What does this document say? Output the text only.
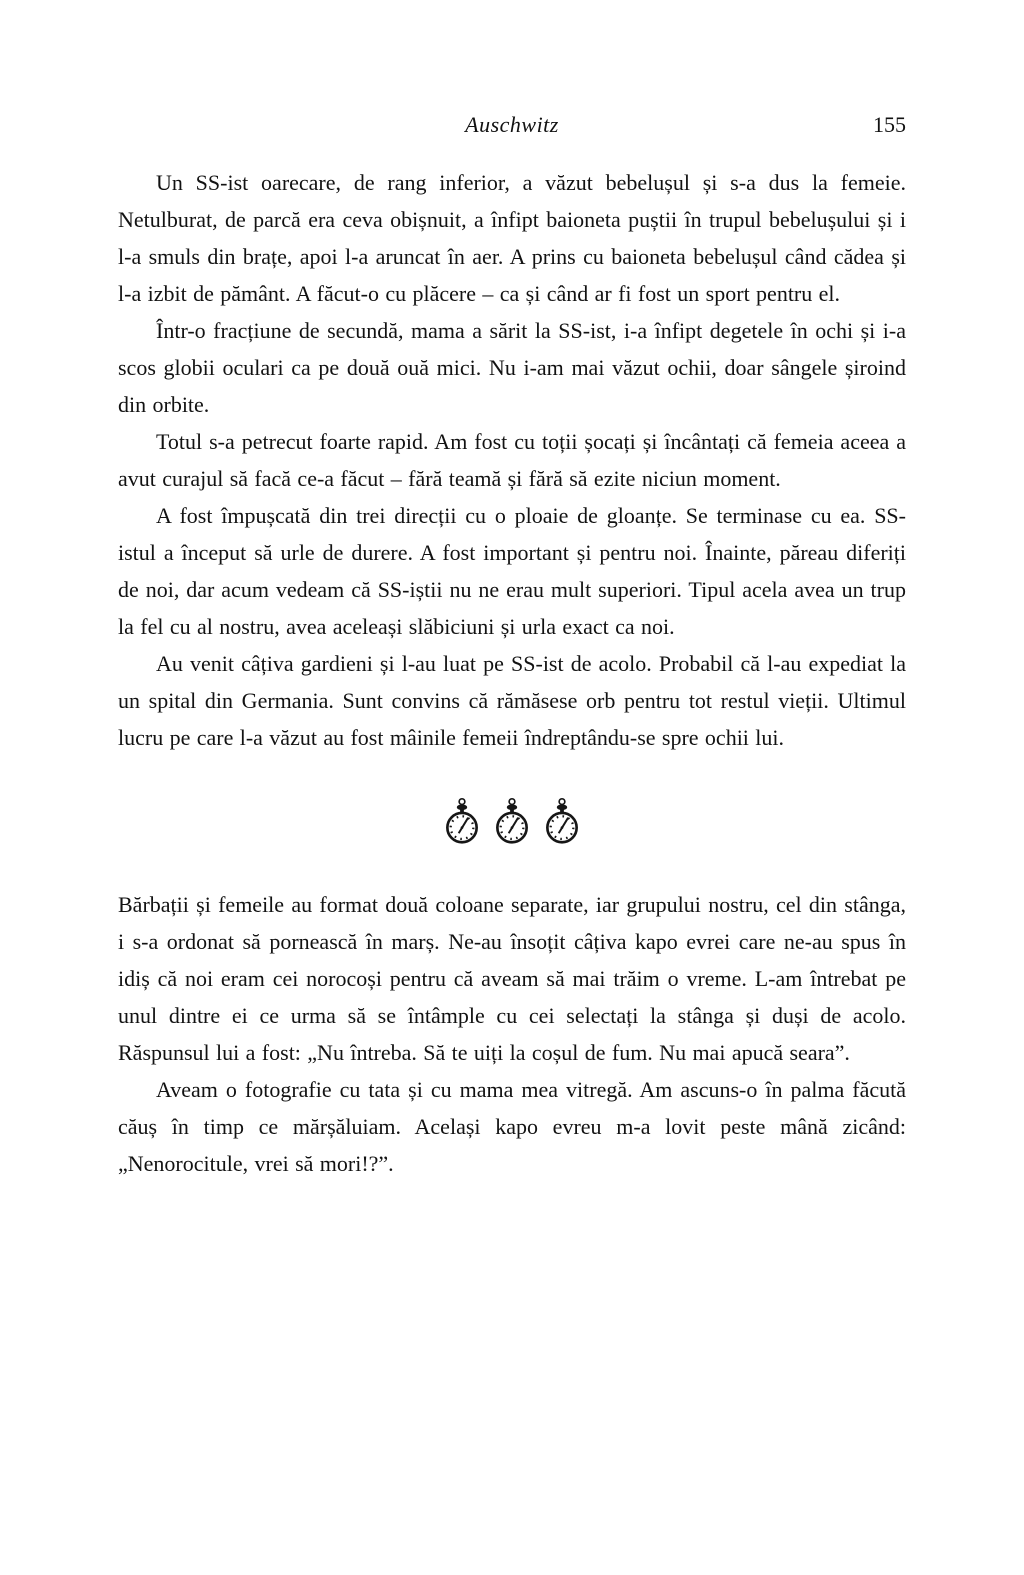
Auschwitz	155

Un SS-ist oarecare, de rang inferior, a văzut bebelușul și s-a dus la femeie. Netulburat, de parcă era ceva obișnuit, a înfipt baioneta puștii în trupul bebelușului și i l-a smuls din brațe, apoi l-a aruncat în aer. A prins cu baioneta bebelușul când cădea și l-a izbit de pământ. A făcut-o cu plăcere – ca și când ar fi fost un sport pentru el.

Într-o fracțiune de secundă, mama a sărit la SS-ist, i-a înfipt degetele în ochi și i-a scos globii oculari ca pe două ouă mici. Nu i-am mai văzut ochii, doar sângele șiroind din orbite.

Totul s-a petrecut foarte rapid. Am fost cu toții șocați și încântați că femeia aceea a avut curajul să facă ce-a făcut – fără teamă și fără să ezite niciun moment.

A fost împușcată din trei direcții cu o ploaie de gloanțe. Se terminase cu ea. SS-istul a început să urle de durere. A fost important și pentru noi. Înainte, păreau diferiți de noi, dar acum vedeam că SS-iștii nu ne erau mult superiori. Tipul acela avea un trup la fel cu al nostru, avea aceleași slăbiciuni și urla exact ca noi.

Au venit câțiva gardieni și l-au luat pe SS-ist de acolo. Probabil că l-au expediat la un spital din Germania. Sunt convins că rămăsese orb pentru tot restul vieții. Ultimul lucru pe care l-a văzut au fost mâinile femeii îndreptându-se spre ochii lui.

Bărbații și femeile au format două coloane separate, iar grupului nostru, cel din stânga, i s-a ordonat să pornească în marș. Ne-au însoțit câțiva kapo evrei care ne-au spus în idiș că noi eram cei norocoși pentru că aveam să mai trăim o vreme. L-am întrebat pe unul dintre ei ce urma să se întâmple cu cei selectați la stânga și duși de acolo. Răspunsul lui a fost: „Nu întreba. Să te uiți la coșul de fum. Nu mai apucă seara”.

Aveam o fotografie cu tata și cu mama mea vitregă. Am ascuns-o în palma făcută căuș în timp ce mărșăluiam. Același kapo evreu m-a lovit peste mână zicând: „Nenorocitule, vrei să mori!?”.
